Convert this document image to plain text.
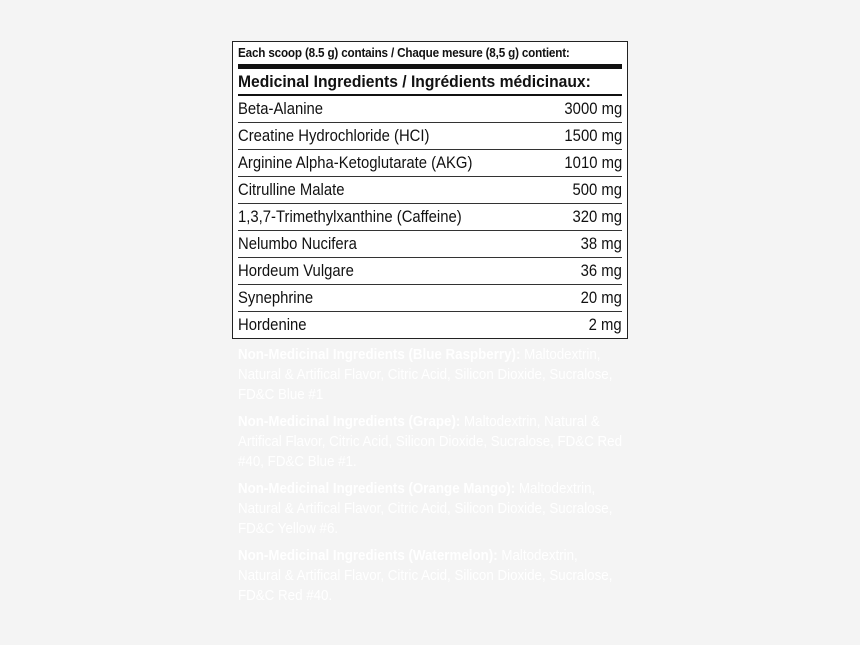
Each scoop (8.5 g) contains / Chaque mesure (8,5 g) contient:
Medicinal Ingredients / Ingrédients médicinaux:
Beta-Alanine	3000 mg
Creatine Hydrochloride (HCI)	1500 mg
Arginine Alpha-Ketoglutarate (AKG)	1010 mg
Citrulline Malate	500 mg
1,3,7-Trimethylxanthine (Caffeine)	320 mg
Nelumbo Nucifera	38 mg
Hordeum Vulgare	36 mg
Synephrine	20 mg
Hordenine	2 mg
Non-Medicinal Ingredients (Blue Raspberry): Maltodextrin, Natural & Artifical Flavor, Citric Acid, Silicon Dioxide, Sucralose, FD&C Blue #1
Non-Medicinal Ingredients (Grape): Maltodextrin, Natural & Artifical Flavor, Citric Acid, Silicon Dioxide, Sucralose, FD&C Red #40, FD&C Blue #1.
Non-Medicinal Ingredients (Orange Mango): Maltodextrin, Natural & Artifical Flavor, Citric Acid, Silicon Dioxide, Sucralose, FD&C Yellow #6.
Non-Medicinal Ingredients (Watermelon): Maltodextrin, Natural & Artifical Flavor, Citric Acid, Silicon Dioxide, Sucralose, FD&C Red #40.
